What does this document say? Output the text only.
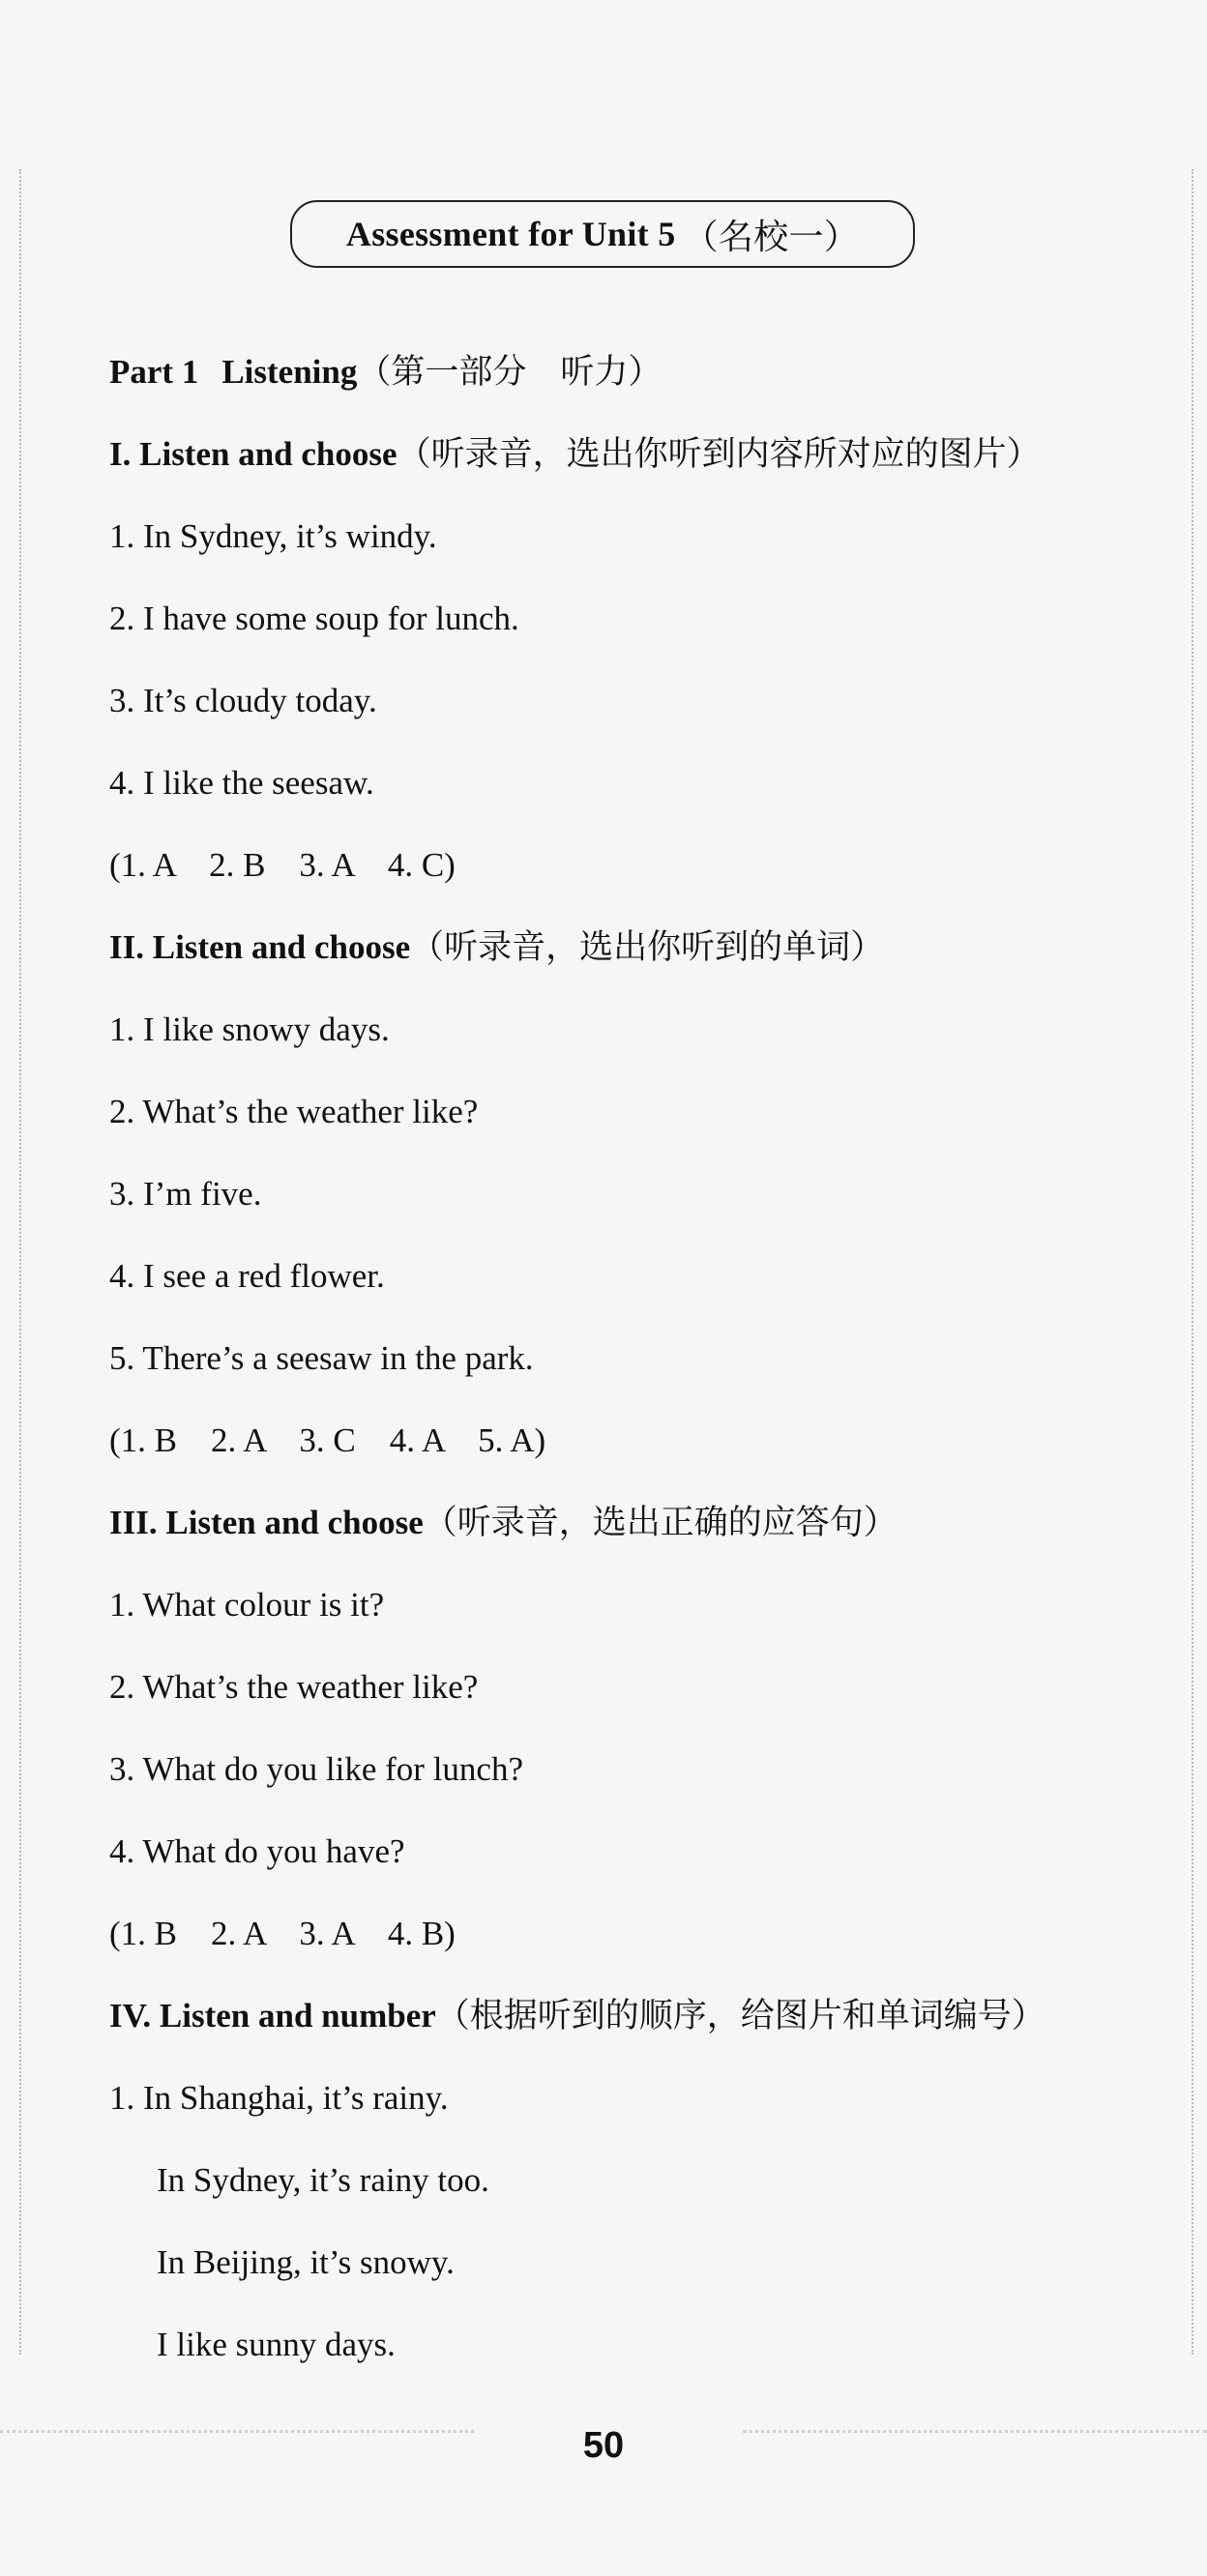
Assessment for Unit 5 （名校一）
Part 1 Listening（第一部分　听力）
I. Listen and choose（听录音，选出你听到内容所对应的图片）
1. In Sydney, it’s windy.
2. I have some soup for lunch.
3. It’s cloudy today.
4. I like the seesaw.
(1. A　2. B　3. A　4. C)
II. Listen and choose（听录音，选出你听到的单词）
1. I like snowy days.
2. What’s the weather like?
3. I’m five.
4. I see a red flower.
5. There’s a seesaw in the park.
(1. B　2. A　3. C　4. A　5. A)
III. Listen and choose（听录音，选出正确的应答句）
1. What colour is it?
2. What’s the weather like?
3. What do you like for lunch?
4. What do you have?
(1. B　2. A　3. A　4. B)
IV. Listen and number（根据听到的顺序，给图片和单词编号）
1. In Shanghai, it’s rainy.
In Sydney, it’s rainy too.
In Beijing, it’s snowy.
I like sunny days.
50
